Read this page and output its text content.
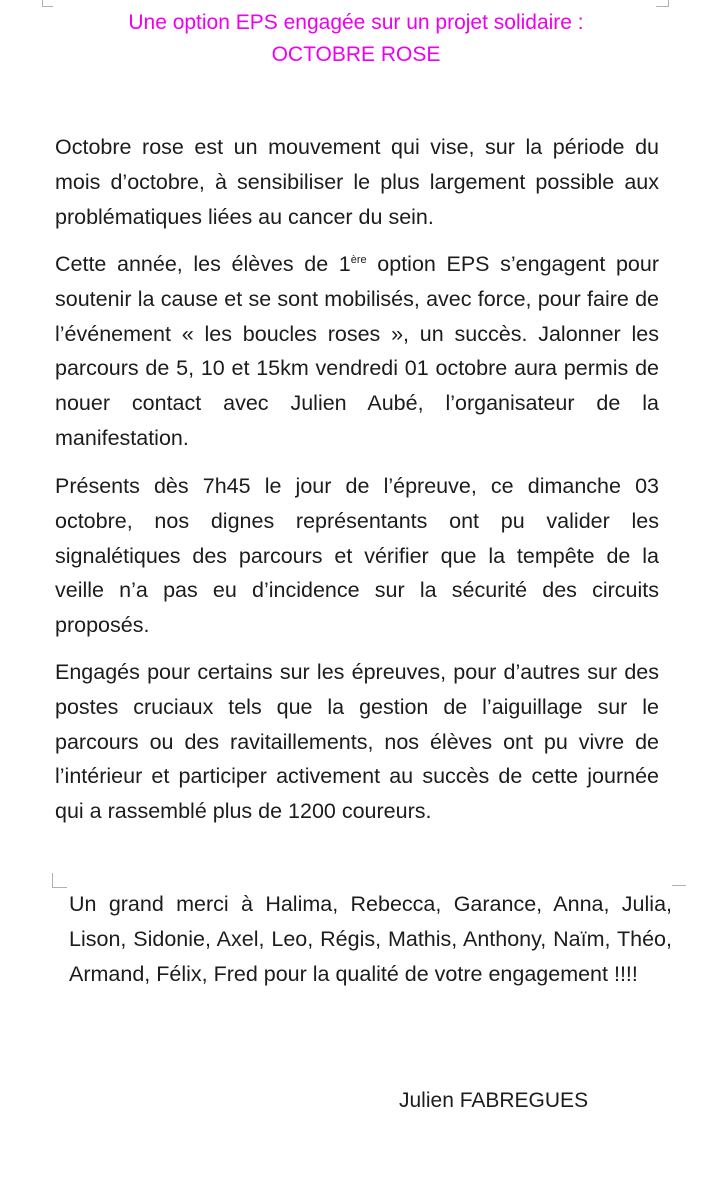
Une option EPS engagée sur un projet solidaire :
OCTOBRE ROSE
Octobre rose est un mouvement qui vise, sur la période du mois d’octobre, à sensibiliser le plus largement possible aux problématiques liées au cancer du sein.
Cette année, les élèves de 1ère option EPS s’engagent pour soutenir la cause et se sont mobilisés, avec force, pour faire de l’événement « les boucles roses », un succès. Jalonner les parcours de 5, 10 et 15km vendredi 01 octobre aura permis de nouer contact avec Julien Aubé, l’organisateur de la manifestation.
Présents dès 7h45 le jour de l’épreuve, ce dimanche 03 octobre, nos dignes représentants ont pu valider les signalétiques des parcours et vérifier que la tempête de la veille n’a pas eu d’incidence sur la sécurité des circuits proposés.
Engagés pour certains sur les épreuves, pour d’autres sur des postes cruciaux tels que la gestion de l’aiguillage sur le parcours ou des ravitaillements, nos élèves ont pu vivre de l’intérieur et participer activement au succès de cette journée qui a rassemblé plus de 1200 coureurs.
Un grand merci à Halima, Rebecca, Garance, Anna, Julia, Lison, Sidonie, Axel, Leo, Régis, Mathis, Anthony, Naïm, Théo, Armand, Félix, Fred pour la qualité de votre engagement !!!!
Julien FABREGUES
